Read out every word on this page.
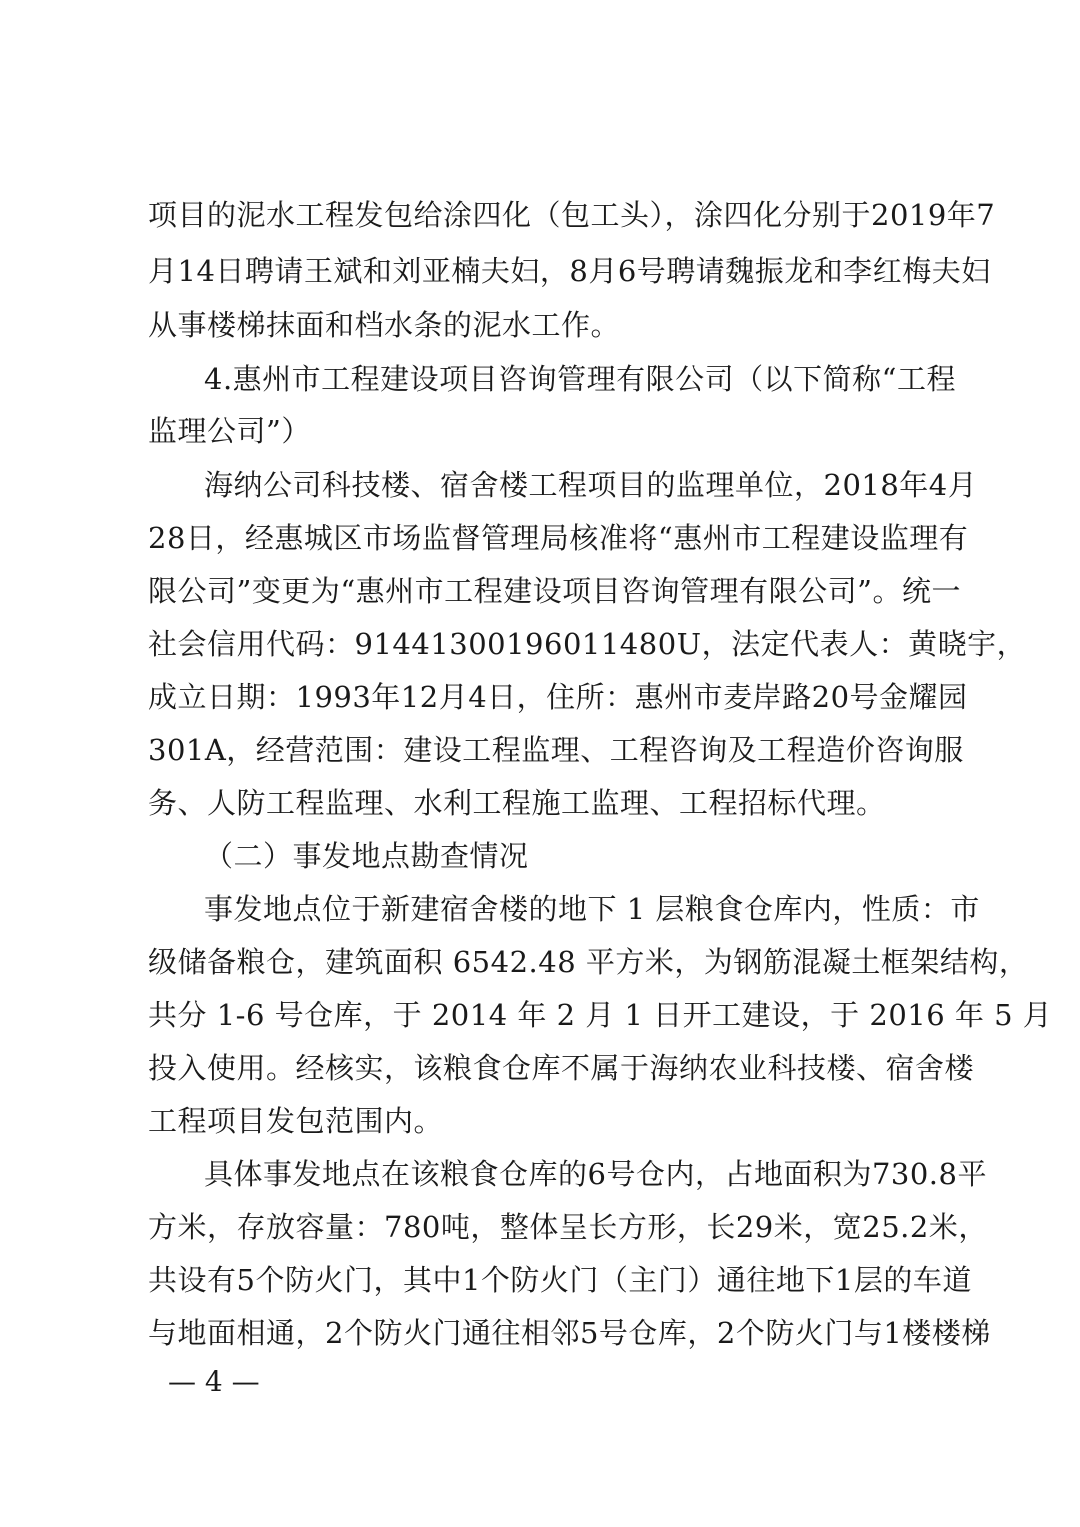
项目的泥水工程发包给涂四化（包工头），涂四化分别于2019年7
月14日聘请王斌和刘亚楠夫妇，8月6号聘请魏振龙和李红梅夫妇
从事楼梯抹面和档水条的泥水工作。
4.惠州市工程建设项目咨询管理有限公司（以下简称“工程
监理公司”）
海纳公司科技楼、宿舍楼工程项目的监理单位，2018年4月
28日，经惠城区市场监督管理局核准将“惠州市工程建设监理有
限公司”变更为“惠州市工程建设项目咨询管理有限公司”。统一
社会信用代码：91441300196011480U，法定代表人：黄晓宇，
成立日期：1993年12月4日，住所：惠州市麦岸路20号金耀园
301A，经营范围：建设工程监理、工程咨询及工程造价咨询服
务、人防工程监理、水利工程施工监理、工程招标代理。
（二）事发地点勘查情况
事发地点位于新建宿舍楼的地下 1 层粮食仓库内，性质：市
级储备粮仓，建筑面积 6542.48 平方米，为钢筋混凝土框架结构，
共分 1-6 号仓库，于 2014 年 2 月 1 日开工建设，于 2016 年 5 月
投入使用。经核实，该粮食仓库不属于海纳农业科技楼、宿舍楼
工程项目发包范围内。
具体事发地点在该粮食仓库的6号仓内，占地面积为730.8平
方米，存放容量：780吨，整体呈长方形，长29米，宽25.2米，
共设有5个防火门，其中1个防火门（主门）通往地下1层的车道
与地面相通，2个防火门通往相邻5号仓库，2个防火门与1楼楼梯
— 4 —
